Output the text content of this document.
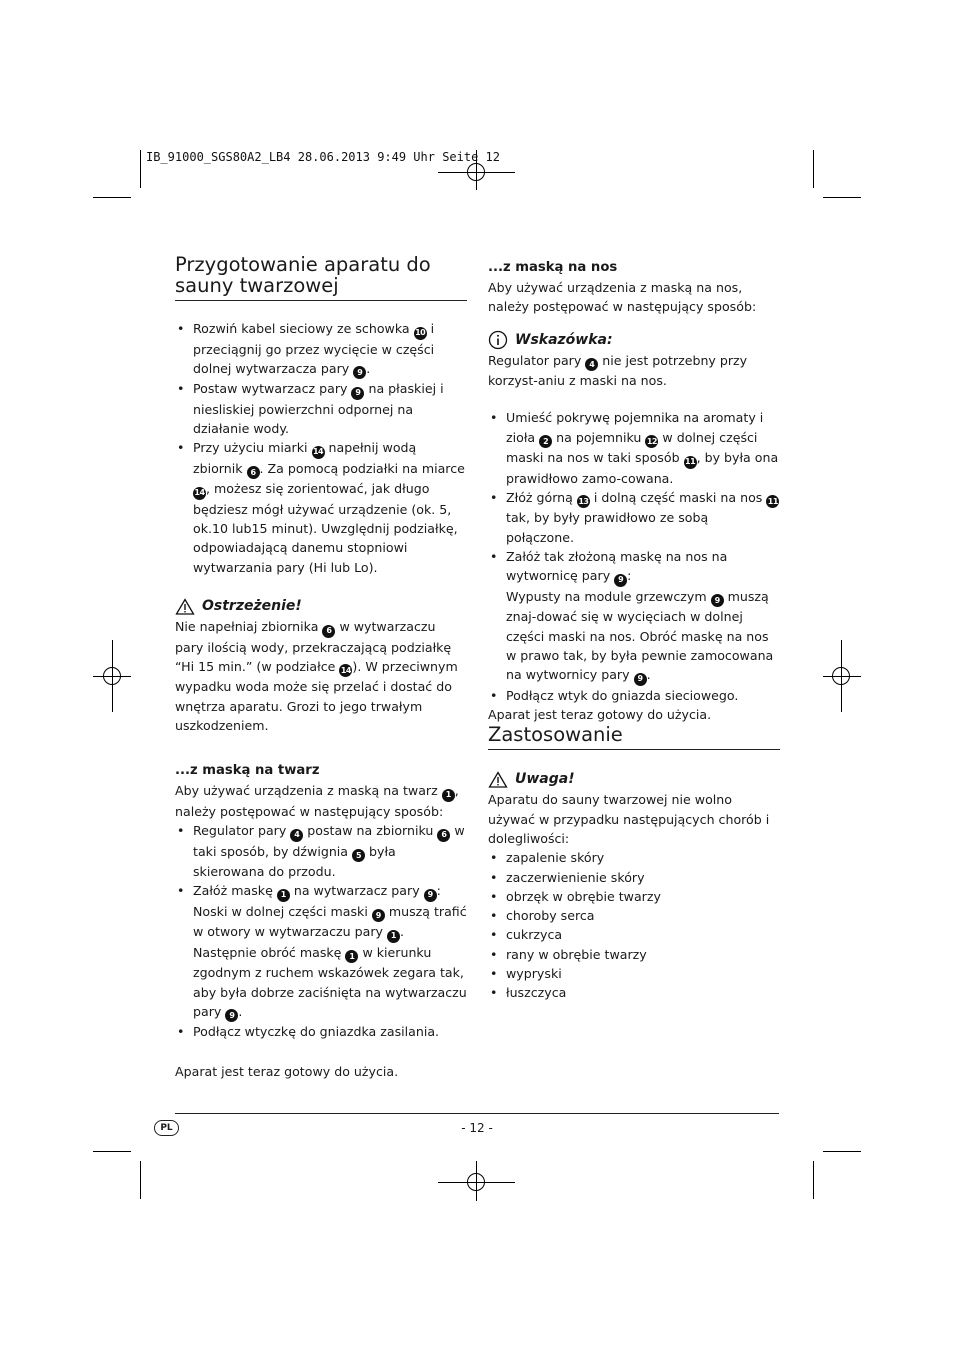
IB_91000_SGS80A2_LB4 28.06.2013 9:49 Uhr Seite 12
Przygotowanie aparatu do
sauny twarzowej
• Rozwiń kabel sieciowy ze schowka 10 i przeciągnij go przez wycięcie w części dolnej wytwarzacza pary 9 .
• Postaw wytwarzacz pary 9 na płaskiej i niesliskiej powierzchni odpornej na działanie wody.
• Przy użyciu miarki 14 napełnij wodą zbiornik 6 . Za pomocą podziałki na miarce 14, możesz się zorientować, jak długo będziesz mógł używać urządzenie (ok. 5, ok.10 lub15 minut). Uwzględnij podziałkę, odpowiadającą danemu stopniowi wytwarzania pary (Hi lub Lo).
Ostrzeżenie!

Nie napełniaj zbiornika 6 w wytwarzaczu pary ilością wody, przekraczającą podziałkę “Hi 15 min.” (w podziałce 14). W przeciwnym wypadku woda może się przelać i dostać do wnętrza aparatu. Grozi to jego trwałym uszkodzeniem.

...z maską na twarz

Aby używać urządzenia z maską na twarz 1 , należy postępować w następujący sposób:

• Regulator pary 4 postaw na zbiorniku 6 w taki sposób, by dźwignia 5 była skierowana do przodu.
• Załóż maskę 1 na wytwarzacz pary 9 :
Noski w dolnej części maski 9 muszą trafić w otwory w wytwarzaczu pary 1 .
Następnie obróć maskę 1 w kierunku zgodnym z ruchem wskazówek zegara tak, aby była dobrze zaciśnięta na wytwarzaczu pary 9 .
• Podłącz wtyczkę do gniazdka zasilania.

Aparat jest teraz gotowy do użycia.

...z maską na nos

Aby używać urządzenia z maską na nos, należy postępować w następujący sposób:

Wskazówka:

Regulator pary 4 nie jest potrzebny przy korzyst-aniu z maski na nos.

• Umieść pokrywę pojemnika na aromaty i zioła 2 na pojemniku 12 w dolnej części maski na nos w taki sposób 11, by była ona prawidłowo zamo-cowana.
• Złóż górną 13 i dolną część maski na nos 11 tak, by były prawidłowo ze sobą połączone.
• Załóż tak złożoną maskę na nos na wytwornicę pary 9 :
Wypusty na module grzewczym 9 muszą znaj-dować się w wycięciach w dolnej części maski na nos. Obróć maskę na nos w prawo tak, by była pewnie zamocowana na wytwornicy pary 9 .
• Podłącz wtyk do gniazda sieciowego.

Aparat jest teraz gotowy do użycia.

Zastosowanie
Uwaga!

Aparatu do sauny twarzowej nie wolno używać w przypadku następujących chorób i dolegliwości:

• zapalenie skóry
• zaczerwienienie skóry
• obrzęk w obrębie twarzy
• choroby serca
• cukrzyca
• rany w obrębie twarzy
• wypryski
• łuszczyca
PL	- 12 -
